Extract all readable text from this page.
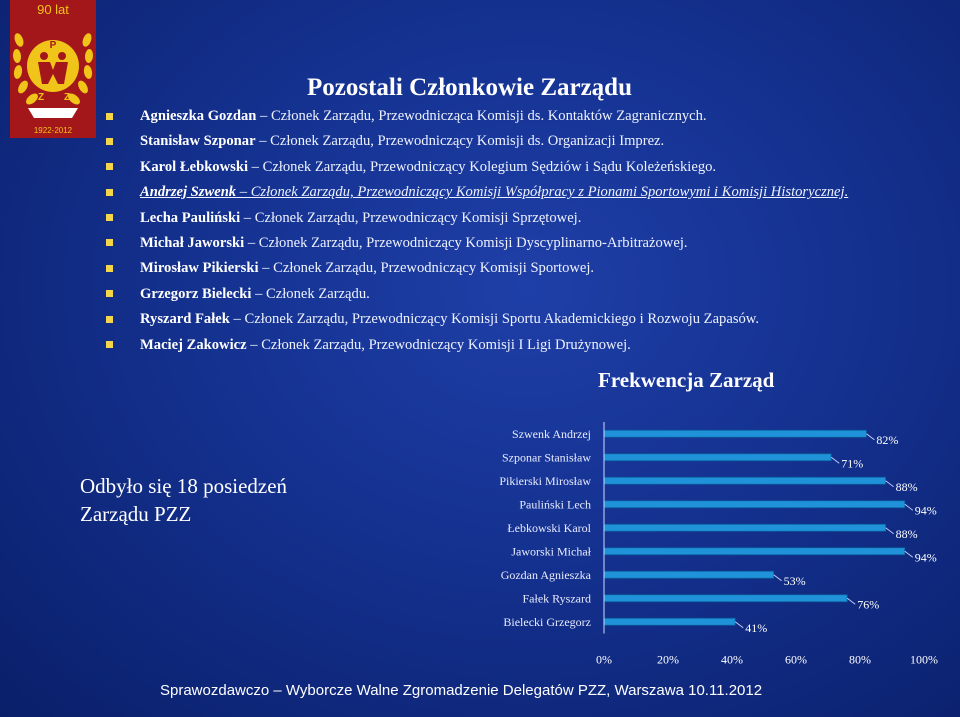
90 lat
P
Z Z
1922-2012
Pozostali Członkowie Zarządu
Agnieszka Gozdan – Członek Zarządu, Przewodnicząca Komisji ds. Kontaktów Zagranicznych.
Stanisław Szponar – Członek Zarządu, Przewodniczący Komisji ds. Organizacji Imprez.
Karol Łebkowski – Członek Zarządu, Przewodniczący Kolegium Sędziów i Sądu Koleżeńskiego.
Andrzej Szwenk – Członek Zarządu, Przewodniczący Komisji Współpracy z Pionami Sportowymi i Komisji Historycznej.
Lecha Pauliński – Członek Zarządu, Przewodniczący Komisji Sprzętowej.
Michał Jaworski – Członek Zarządu, Przewodniczący Komisji Dyscyplinarno-Arbitrażowej.
Mirosław Pikierski – Członek Zarządu, Przewodniczący Komisji Sportowej.
Grzegorz Bielecki – Członek Zarządu.
Ryszard Fałek – Członek Zarządu, Przewodniczący Komisji Sportu Akademickiego i Rozwoju Zapasów.
Maciej Zakowicz – Członek Zarządu, Przewodniczący Komisji I Ligi Drużynowej.
Frekwencja Zarząd
Odbyło się 18 posiedzeń
Zarządu PZZ
Szwenk Andrzej	82%
Szponar Stanisław	71%
Pikierski Mirosław	88%
Pauliński Lech	94%
Łebkowski Karol	88%
Jaworski Michał	94%
Gozdan Agnieszka	53%
Fałek Ryszard	76%
Bielecki Grzegorz	41%
0%	20%	40%	60%	80%	100%

Sprawozdawczo – Wyborcze Walne Zgromadzenie Delegatów PZZ, Warszawa 10.11.2012
